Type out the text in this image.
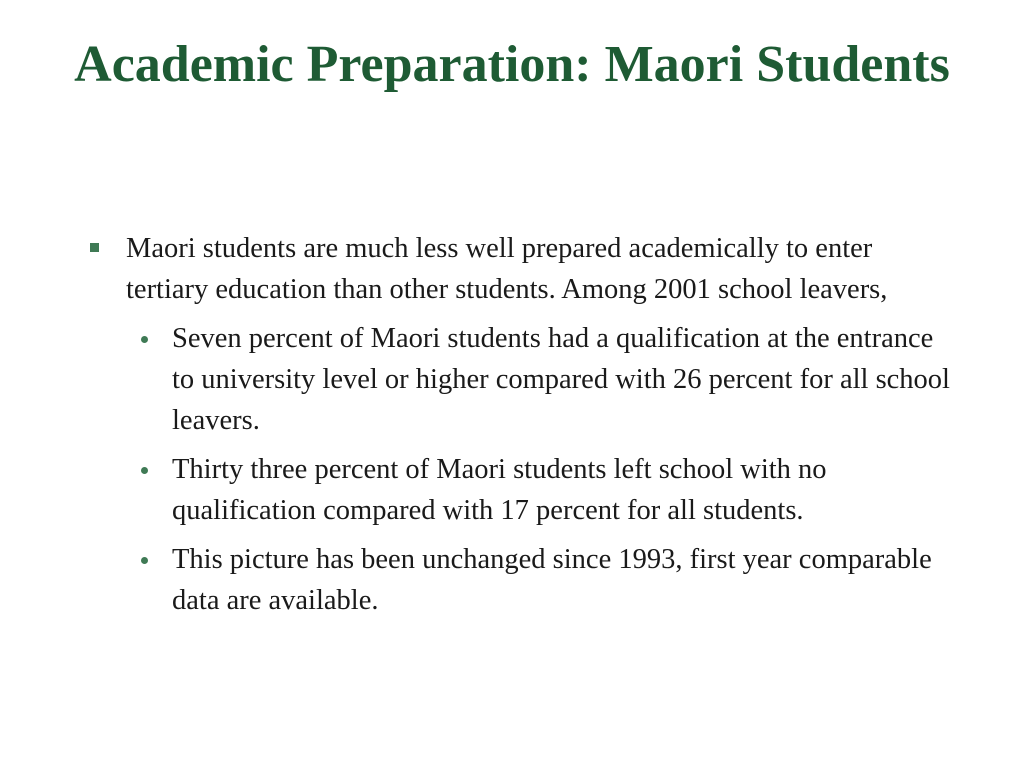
Academic Preparation: Maori Students
Maori students are much less well prepared academically to enter tertiary education than other students. Among 2001 school leavers,
Seven percent of Maori students had a qualification at the entrance to university level or higher compared with 26 percent for all school leavers.
Thirty three percent of Maori students left school with no qualification compared with 17 percent for all students.
This picture has been unchanged since 1993, first year comparable data are available.
